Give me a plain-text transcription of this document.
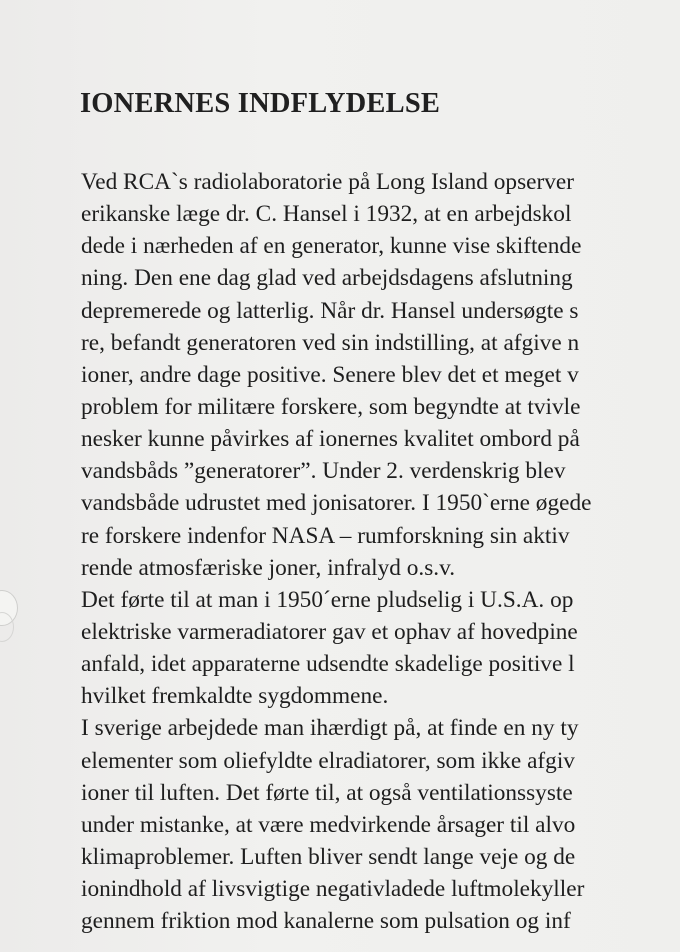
IONERNES INDFLYDELSE
Ved RCA`s radiolaboratorie på Long Island opserver
erikanske læge dr. C. Hansel i 1932, at en arbejdskol
dede i nærheden af en generator, kunne vise skiftende
ning. Den ene dag glad ved arbejdsdagens afslutning
depremerede og latterlig. Når dr. Hansel undersøgte s
re, befandt generatoren ved sin indstilling, at afgive n
ioner, andre dage positive. Senere blev det et meget v
problem for militære forskere, som begyndte at tvivle
nesker kunne påvirkes af ionernes kvalitet ombord på
vandsbåds ”generatorer”. Under 2. verdenskrig blev
vandsbåde udrustet med jonisatorer. I 1950`erne øgede
re forskere indenfor NASA – rumforskning sin aktiv
rende atmosfæriske joner, infralyd o.s.v.
Det førte til at man i 1950´erne pludselig i U.S.A. op
elektriske varmeradiatorer gav et ophav af hovedpine
anfald, idet apparaterne udsendte skadelige positive l
hvilket fremkaldte sygdommene.
I sverige arbejdede man ihærdigt på, at finde en ny ty
elementer som oliefyldte elradiatorer, som ikke afgiv
ioner til luften. Det førte til, at også ventilationssyste
under mistanke, at være medvirkende årsager til alvo
klimaproblemer. Luften bliver sendt lange veje og de
ionindhold af livsvigtige negativladede luftmolekyller
gennem friktion mod kanalerne som pulsation og inf
